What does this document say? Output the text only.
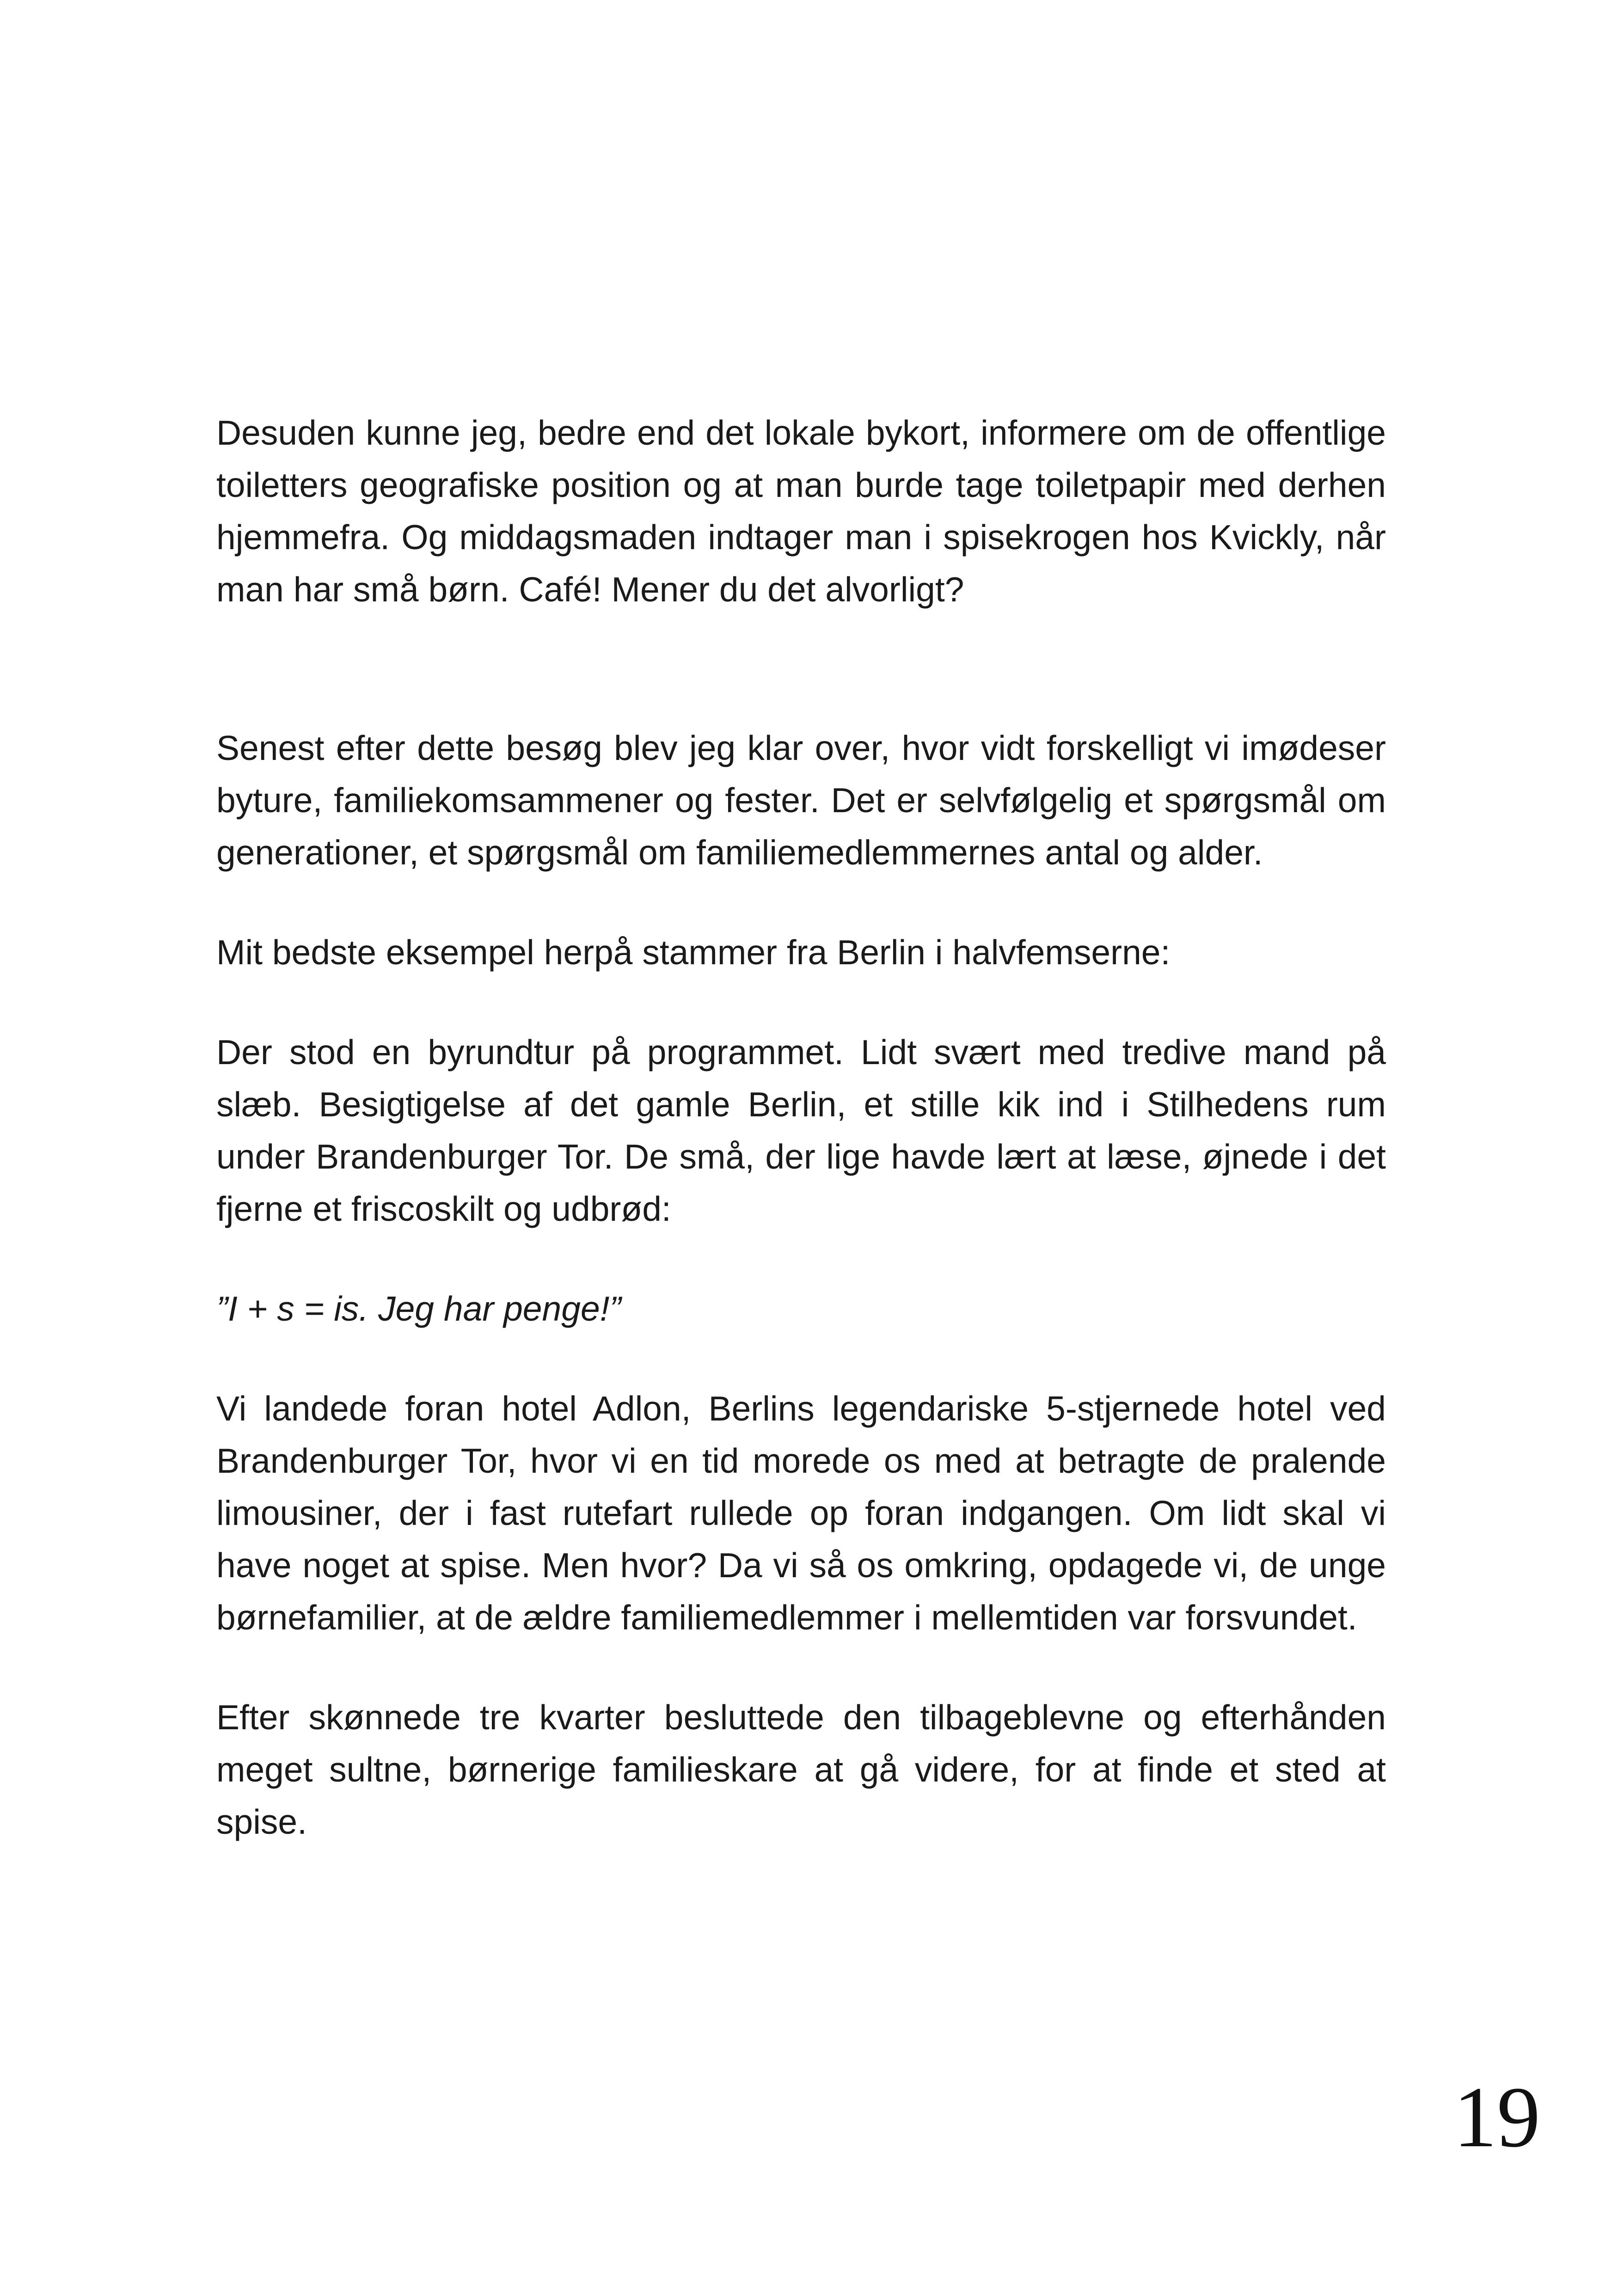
Desuden kunne jeg, bedre end det lokale bykort, informere om de offentlige toiletters geografiske position og at man burde tage toiletpapir med derhen hjemmefra. Og middagsmaden indtager man i spisekrogen hos Kvickly, når man har små børn. Café! Mener du det alvorligt?

Senest efter dette besøg blev jeg klar over, hvor vidt forskelligt vi imødeser byture, familiekomsammener og fester. Det er selvfølgelig et spørgsmål om generationer, et spørgsmål om familiemedlemmernes antal og alder.

Mit bedste eksempel herpå stammer fra Berlin i halvfemserne:

Der stod en byrundtur på programmet. Lidt svært med tredive mand på slæb. Besigtigelse af det gamle Berlin, et stille kik ind i Stilhedens rum under Brandenburger Tor. De små, der lige havde lært at læse, øjnede i det fjerne et friscoskilt og udbrød:

”I + s = is. Jeg har penge!”

Vi landede foran hotel Adlon, Berlins legendariske 5-stjernede hotel ved Brandenburger Tor, hvor vi en tid morede os med at betragte de pralende limousiner, der i fast rutefart rullede op foran indgangen. Om lidt skal vi have noget at spise. Men hvor? Da vi så os omkring, opdagede vi, de unge børnefamilier, at de ældre familiemedlemmer i mellemtiden var forsvundet.

Efter skønnede tre kvarter besluttede den tilbageblevne og efterhånden meget sultne, børnerige familieskare at gå videre, for at finde et sted at spise.

19
